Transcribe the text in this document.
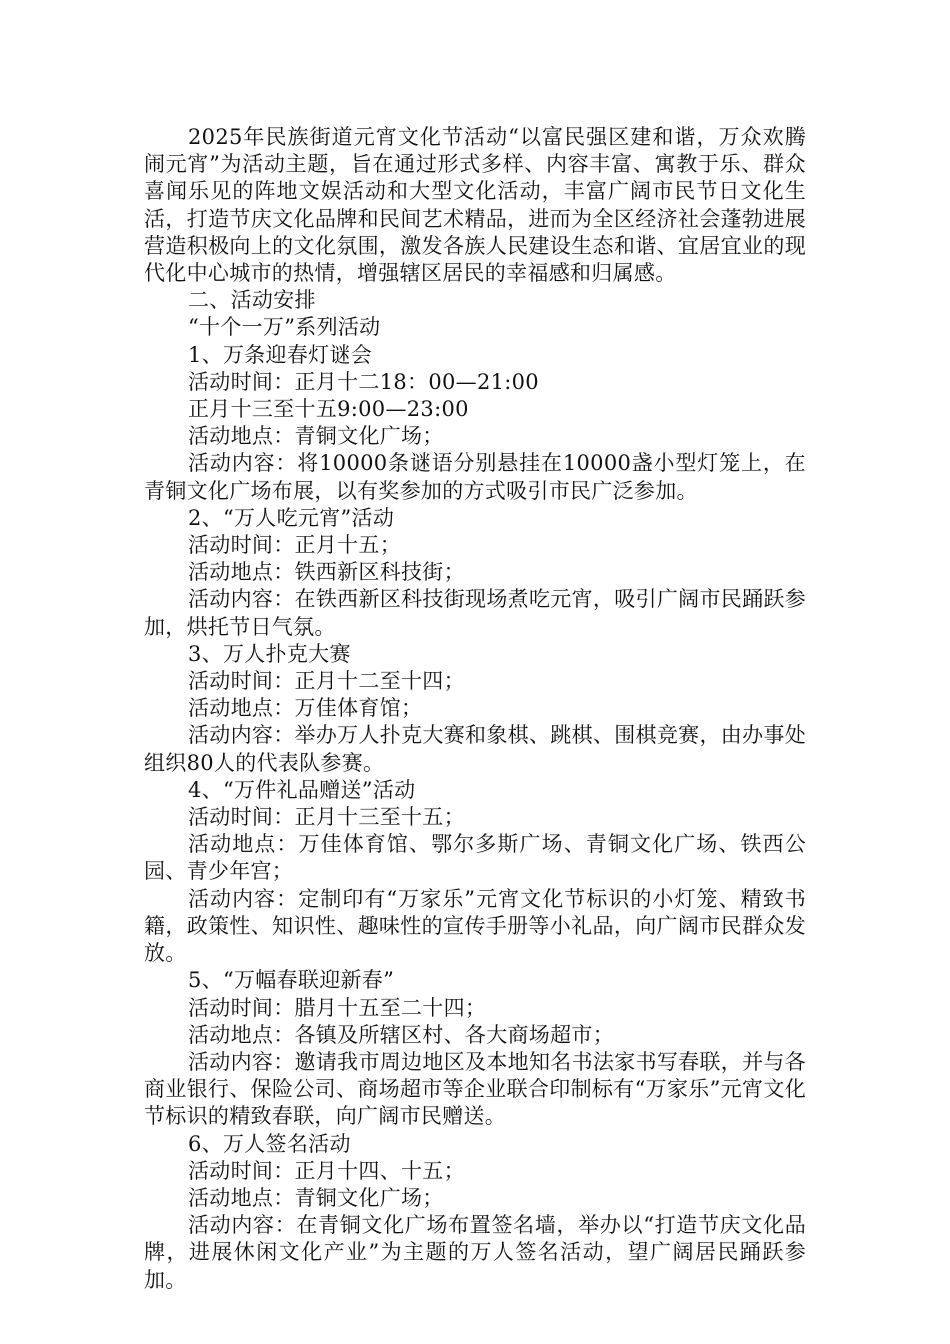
2025年民族街道元宵文化节活动“以富民强区建和谐，万众欢腾闹元宵”为活动主题，旨在通过形式多样、内容丰富、寓教于乐、群众喜闻乐见的阵地文娱活动和大型文化活动，丰富广阔市民节日文化生活，打造节庆文化品牌和民间艺术精品，进而为全区经济社会蓬勃进展营造积极向上的文化氛围，激发各族人民建设生态和谐、宜居宜业的现代化中心城市的热情，增强辖区居民的幸福感和归属感。

二、活动安排

“十个一万”系列活动

1、万条迎春灯谜会

活动时间：正月十二18：00—21:00

正月十三至十五9:00—23:00

活动地点：青铜文化广场；

活动内容：将10000条谜语分别悬挂在10000盏小型灯笼上，在青铜文化广场布展，以有奖参加的方式吸引市民广泛参加。

2、“万人吃元宵”活动

活动时间：正月十五；

活动地点：铁西新区科技街；

活动内容：在铁西新区科技街现场煮吃元宵，吸引广阔市民踊跃参加，烘托节日气氛。

3、万人扑克大赛

活动时间：正月十二至十四；

活动地点：万佳体育馆；

活动内容：举办万人扑克大赛和象棋、跳棋、围棋竞赛，由办事处组织80人的代表队参赛。

4、“万件礼品赠送”活动

活动时间：正月十三至十五；

活动地点：万佳体育馆、鄂尔多斯广场、青铜文化广场、铁西公园、青少年宫；

活动内容：定制印有“万家乐”元宵文化节标识的小灯笼、精致书籍，政策性、知识性、趣味性的宣传手册等小礼品，向广阔市民群众发放。

5、“万幅春联迎新春”

活动时间：腊月十五至二十四；

活动地点：各镇及所辖区村、各大商场超市；

活动内容：邀请我市周边地区及本地知名书法家书写春联，并与各商业银行、保险公司、商场超市等企业联合印制标有“万家乐”元宵文化节标识的精致春联，向广阔市民赠送。

6、万人签名活动

活动时间：正月十四、十五；

活动地点：青铜文化广场；

活动内容：在青铜文化广场布置签名墙，举办以“打造节庆文化品牌，进展休闲文化产业”为主题的万人签名活动，望广阔居民踊跃参加。
